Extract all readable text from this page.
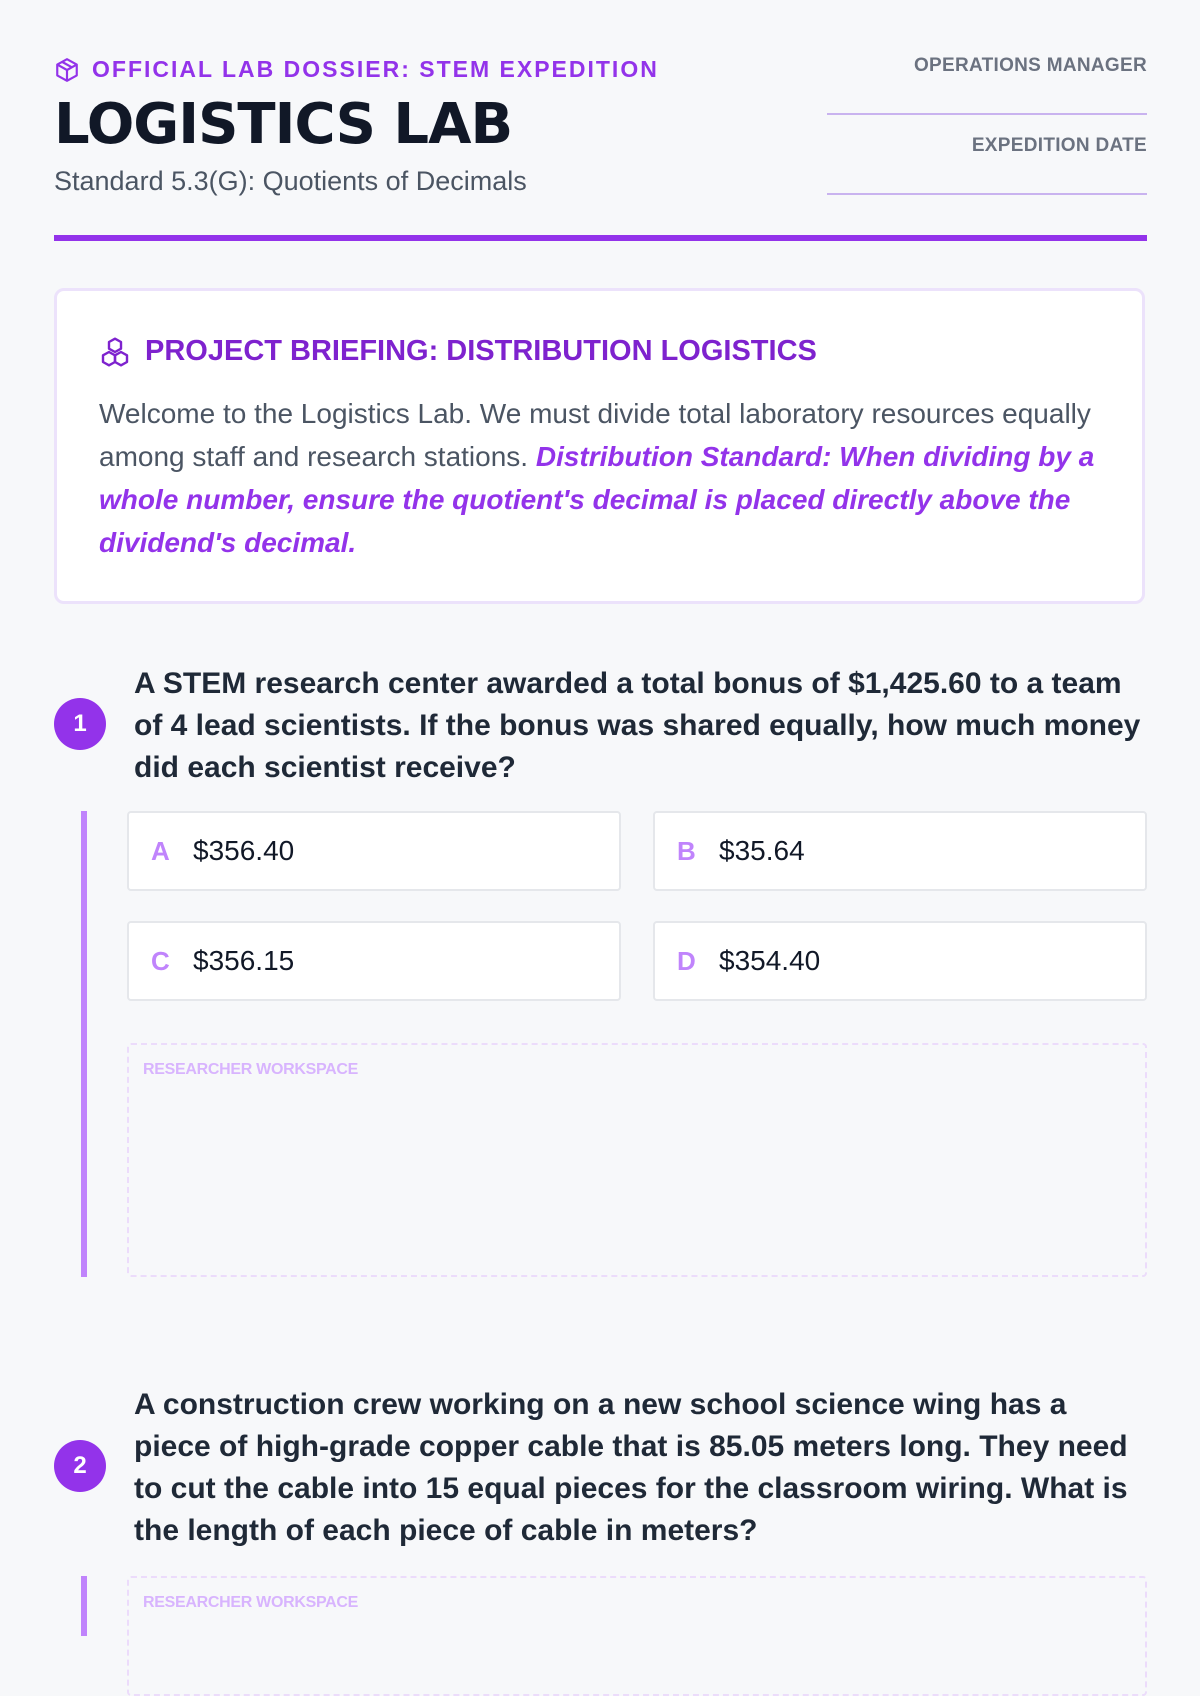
OFFICIAL LAB DOSSIER: STEM EXPEDITION
LOGISTICS LAB
Standard 5.3(G): Quotients of Decimals
OPERATIONS MANAGER
EXPEDITION DATE
PROJECT BRIEFING: DISTRIBUTION LOGISTICS
Welcome to the Logistics Lab. We must divide total laboratory resources equally among staff and research stations. Distribution Standard: When dividing by a whole number, ensure the quotient's decimal is placed directly above the dividend's decimal.
1
A STEM research center awarded a total bonus of $1,425.60 to a team of 4 lead scientists. If the bonus was shared equally, how much money did each scientist receive?
A $356.40	B $35.64
C $356.15	D $354.40
RESEARCHER WORKSPACE
2
A construction crew working on a new school science wing has a piece of high-grade copper cable that is 85.05 meters long. They need to cut the cable into 15 equal pieces for the classroom wiring. What is the length of each piece of cable in meters?
RESEARCHER WORKSPACE
